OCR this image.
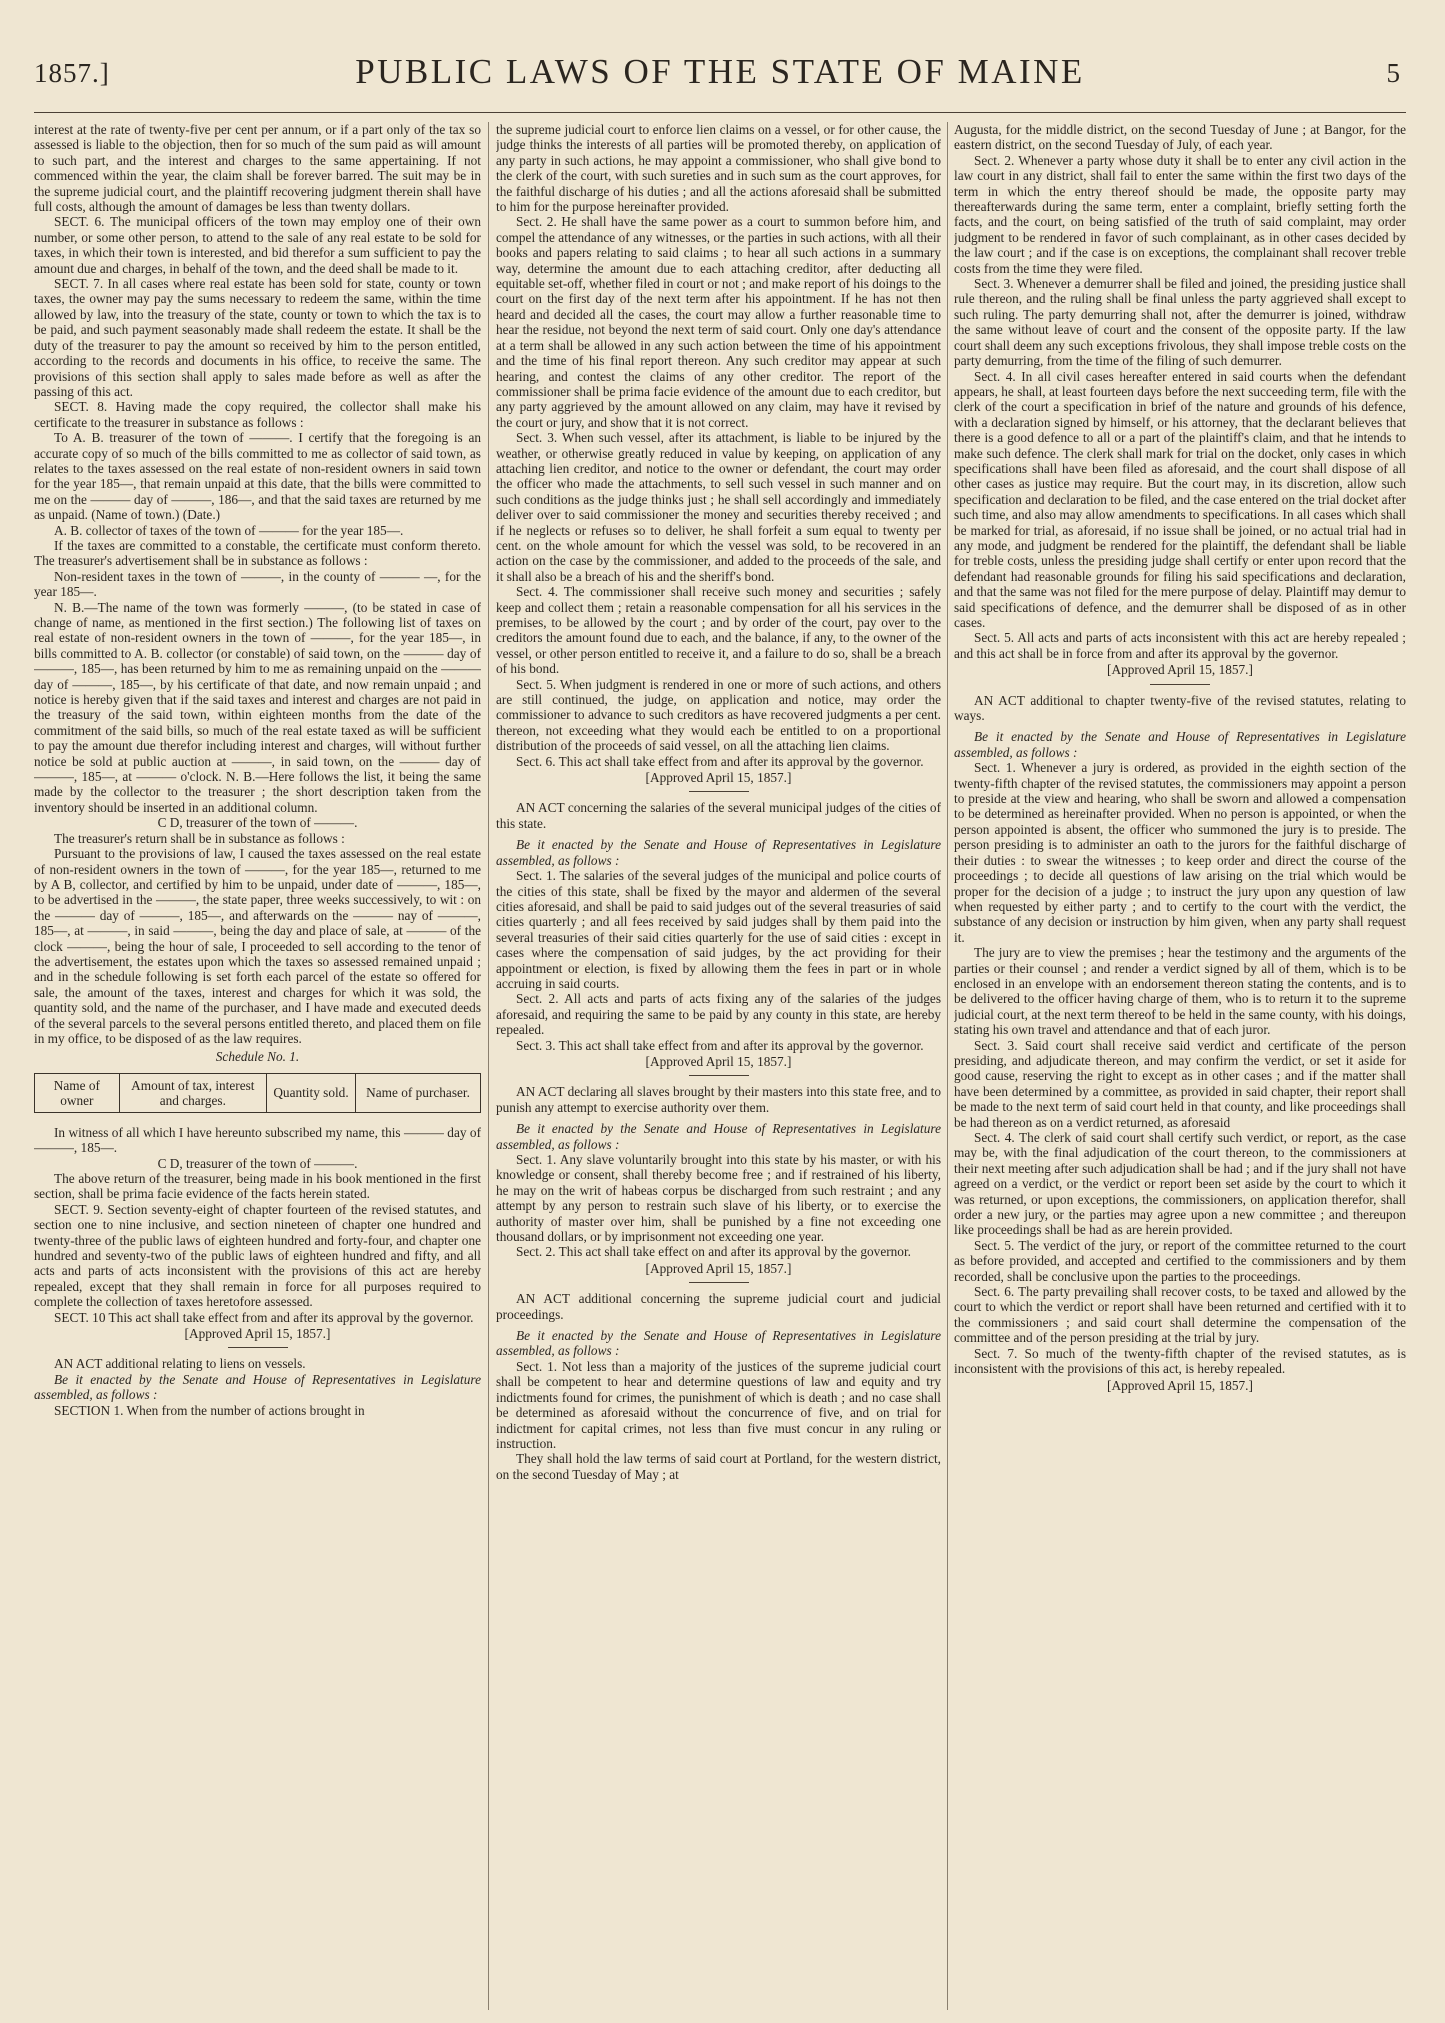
1857.]	PUBLIC LAWS OF THE STATE OF MAINE	5

interest at the rate of twenty-five per cent per annum, or if a part only of the tax so assessed is liable to the objection, then for so much of the sum paid as will amount to such part, and the interest and charges to the same appertaining. If not commenced within the year, the claim shall be forever barred. The suit may be in the supreme judicial court, and the plaintiff recovering judgment therein shall have full costs, although the amount of damages be less than twenty dollars.

SECT. 6. The municipal officers of the town may employ one of their own number, or some other person, to attend to the sale of any real estate to be sold for taxes, in which their town is interested, and bid therefor a sum sufficient to pay the amount due and charges, in behalf of the town, and the deed shall be made to it.

SECT. 7. In all cases where real estate has been sold for state, county or town taxes, the owner may pay the sums necessary to redeem the same, within the time allowed by law, into the treasury of the state, county or town to which the tax is to be paid, and such payment seasonably made shall redeem the estate. It shall be the duty of the treasurer to pay the amount so received by him to the person entitled, according to the records and documents in his office, to receive the same. The provisions of this section shall apply to sales made before as well as after the passing of this act.

SECT. 8. Having made the copy required, the collector shall make his certificate to the treasurer in substance as follows :

To A. B. treasurer of the town of ———. I certify that the foregoing is an accurate copy of so much of the bills committed to me as collector of said town, as relates to the taxes assessed on the real estate of non-resident owners in said town for the year 185—, that remain unpaid at this date, that the bills were committed to me on the ——— day of ———, 186—, and that the said taxes are returned by me as unpaid. (Name of town.) (Date.)

A. B. collector of taxes of the town of ——— for the year 185—.

If the taxes are committed to a constable, the certificate must conform thereto. The treasurer's advertisement shall be in substance as follows :

Non-resident taxes in the town of ———, in the county of ——— —, for the year 185—.

N. B.—The name of the town was formerly ———, (to be stated in case of change of name, as mentioned in the first section.) The following list of taxes on real estate of non-resident owners in the town of ———, for the year 185—, in bills committed to A. B. collector (or constable) of said town, on the ——— day of ———, 185—, has been returned by him to me as remaining unpaid on the ——— day of ———, 185—, by his certificate of that date, and now remain unpaid ; and notice is hereby given that if the said taxes and interest and charges are not paid in the treasury of the said town, within eighteen months from the date of the commitment of the said bills, so much of the real estate taxed as will be sufficient to pay the amount due therefor including interest and charges, will without further notice be sold at public auction at ———, in said town, on the ——— day of ———, 185—, at ——— o'clock. N. B.—Here follows the list, it being the same made by the collector to the treasurer ; the short description taken from the inventory should be inserted in an additional column.

C D, treasurer of the town of ———.

The treasurer's return shall be in substance as follows :

Pursuant to the provisions of law, I caused the taxes assessed on the real estate of non-resident owners in the town of ———, for the year 185—, returned to me by A B, collector, and certified by him to be unpaid, under date of ———, 185—, to be advertised in the ———, the state paper, three weeks successively, to wit : on the ——— day of ———, 185—, and afterwards on the ——— nay of ———, 185—, at ———, in said ———, being the day and place of sale, at ——— of the clock ———, being the hour of sale, I proceeded to sell according to the tenor of the advertisement, the estates upon which the taxes so assessed remained unpaid ; and in the schedule following is set forth each parcel of the estate so offered for sale, the amount of the taxes, interest and charges for which it was sold, the quantity sold, and the name of the purchaser, and I have made and executed deeds of the several parcels to the several persons entitled thereto, and placed them on file in my office, to be disposed of as the law requires.

Schedule No. 1.

Name of owner	Amount of tax, interest and charges.	Quantity sold.	Name of purchaser.

In witness of all which I have hereunto subscribed my name, this ——— day of ———, 185—.

C D, treasurer of the town of ———.

The above return of the treasurer, being made in his book mentioned in the first section, shall be prima facie evidence of the facts herein stated.

SECT. 9. Section seventy-eight of chapter fourteen of the revised statutes, and section one to nine inclusive, and section nineteen of chapter one hundred and twenty-three of the public laws of eighteen hundred and forty-four, and chapter one hundred and seventy-two of the public laws of eighteen hundred and fifty, and all acts and parts of acts inconsistent with the provisions of this act are hereby repealed, except that they shall remain in force for all purposes required to complete the collection of taxes heretofore assessed.

SECT. 10 This act shall take effect from and after its approval by the governor.

[Approved April 15, 1857.]

AN ACT additional relating to liens on vessels.

Be it enacted by the Senate and House of Representatives in Legislature assembled, as follows :

SECTION 1. When from the number of actions brought in

the supreme judicial court to enforce lien claims on a vessel, or for other cause, the judge thinks the interests of all parties will be promoted thereby, on application of any party in such actions, he may appoint a commissioner, who shall give bond to the clerk of the court, with such sureties and in such sum as the court approves, for the faithful discharge of his duties ; and all the actions aforesaid shall be submitted to him for the purpose hereinafter provided.

Sect. 2. He shall have the same power as a court to summon before him, and compel the attendance of any witnesses, or the parties in such actions, with all their books and papers relating to said claims ; to hear all such actions in a summary way, determine the amount due to each attaching creditor, after deducting all equitable set-off, whether filed in court or not ; and make report of his doings to the court on the first day of the next term after his appointment. If he has not then heard and decided all the cases, the court may allow a further reasonable time to hear the residue, not beyond the next term of said court. Only one day's attendance at a term shall be allowed in any such action between the time of his appointment and the time of his final report thereon. Any such creditor may appear at such hearing, and contest the claims of any other creditor. The report of the commissioner shall be prima facie evidence of the amount due to each creditor, but any party aggrieved by the amount allowed on any claim, may have it revised by the court or jury, and show that it is not correct.

Sect. 3. When such vessel, after its attachment, is liable to be injured by the weather, or otherwise greatly reduced in value by keeping, on application of any attaching lien creditor, and notice to the owner or defendant, the court may order the officer who made the attachments, to sell such vessel in such manner and on such conditions as the judge thinks just ; he shall sell accordingly and immediately deliver over to said commissioner the money and securities thereby received ; and if he neglects or refuses so to deliver, he shall forfeit a sum equal to twenty per cent. on the whole amount for which the vessel was sold, to be recovered in an action on the case by the commissioner, and added to the proceeds of the sale, and it shall also be a breach of his and the sheriff's bond.

Sect. 4. The commissioner shall receive such money and securities ; safely keep and collect them ; retain a reasonable compensation for all his services in the premises, to be allowed by the court ; and by order of the court, pay over to the creditors the amount found due to each, and the balance, if any, to the owner of the vessel, or other person entitled to receive it, and a failure to do so, shall be a breach of his bond.

Sect. 5. When judgment is rendered in one or more of such actions, and others are still continued, the judge, on application and notice, may order the commissioner to advance to such creditors as have recovered judgments a per cent. thereon, not exceeding what they would each be entitled to on a proportional distribution of the proceeds of said vessel, on all the attaching lien claims.

Sect. 6. This act shall take effect from and after its approval by the governor.

[Approved April 15, 1857.]

AN ACT concerning the salaries of the several municipal judges of the cities of this state.

Be it enacted by the Senate and House of Representatives in Legislature assembled, as follows :

Sect. 1. The salaries of the several judges of the municipal and police courts of the cities of this state, shall be fixed by the mayor and aldermen of the several cities aforesaid, and shall be paid to said judges out of the several treasuries of said cities quarterly ; and all fees received by said judges shall by them paid into the several treasuries of their said cities quarterly for the use of said cities : except in cases where the compensation of said judges, by the act providing for their appointment or election, is fixed by allowing them the fees in part or in whole accruing in said courts.

Sect. 2. All acts and parts of acts fixing any of the salaries of the judges aforesaid, and requiring the same to be paid by any county in this state, are hereby repealed.

Sect. 3. This act shall take effect from and after its approval by the governor.

[Approved April 15, 1857.]

AN ACT declaring all slaves brought by their masters into this state free, and to punish any attempt to exercise authority over them.

Be it enacted by the Senate and House of Representatives in Legislature assembled, as follows :

Sect. 1. Any slave voluntarily brought into this state by his master, or with his knowledge or consent, shall thereby become free ; and if restrained of his liberty, he may on the writ of habeas corpus be discharged from such restraint ; and any attempt by any person to restrain such slave of his liberty, or to exercise the authority of master over him, shall be punished by a fine not exceeding one thousand dollars, or by imprisonment not exceeding one year.

Sect. 2. This act shall take effect on and after its approval by the governor.

[Approved April 15, 1857.]

AN ACT additional concerning the supreme judicial court and judicial proceedings.

Be it enacted by the Senate and House of Representatives in Legislature assembled, as follows :

Sect. 1. Not less than a majority of the justices of the supreme judicial court shall be competent to hear and determine questions of law and equity and try indictments found for crimes, the punishment of which is death ; and no case shall be determined as aforesaid without the concurrence of five, and on trial for indictment for capital crimes, not less than five must concur in any ruling or instruction.

They shall hold the law terms of said court at Portland, for the western district, on the second Tuesday of May ; at

Augusta, for the middle district, on the second Tuesday of June ; at Bangor, for the eastern district, on the second Tuesday of July, of each year.

Sect. 2. Whenever a party whose duty it shall be to enter any civil action in the law court in any district, shall fail to enter the same within the first two days of the term in which the entry thereof should be made, the opposite party may thereafterwards during the same term, enter a complaint, briefly setting forth the facts, and the court, on being satisfied of the truth of said complaint, may order judgment to be rendered in favor of such complainant, as in other cases decided by the law court ; and if the case is on exceptions, the complainant shall recover treble costs from the time they were filed.

Sect. 3. Whenever a demurrer shall be filed and joined, the presiding justice shall rule thereon, and the ruling shall be final unless the party aggrieved shall except to such ruling. The party demurring shall not, after the demurrer is joined, withdraw the same without leave of court and the consent of the opposite party. If the law court shall deem any such exceptions frivolous, they shall impose treble costs on the party demurring, from the time of the filing of such demurrer.

Sect. 4. In all civil cases hereafter entered in said courts when the defendant appears, he shall, at least fourteen days before the next succeeding term, file with the clerk of the court a specification in brief of the nature and grounds of his defence, with a declaration signed by himself, or his attorney, that the declarant believes that there is a good defence to all or a part of the plaintiff's claim, and that he intends to make such defence. The clerk shall mark for trial on the docket, only cases in which specifications shall have been filed as aforesaid, and the court shall dispose of all other cases as justice may require. But the court may, in its discretion, allow such specification and declaration to be filed, and the case entered on the trial docket after such time, and also may allow amendments to specifications. In all cases which shall be marked for trial, as aforesaid, if no issue shall be joined, or no actual trial had in any mode, and judgment be rendered for the plaintiff, the defendant shall be liable for treble costs, unless the presiding judge shall certify or enter upon record that the defendant had reasonable grounds for filing his said specifications and declaration, and that the same was not filed for the mere purpose of delay. Plaintiff may demur to said specifications of defence, and the demurrer shall be disposed of as in other cases.

Sect. 5. All acts and parts of acts inconsistent with this act are hereby repealed ; and this act shall be in force from and after its approval by the governor.

[Approved April 15, 1857.]

AN ACT additional to chapter twenty-five of the revised statutes, relating to ways.

Be it enacted by the Senate and House of Representatives in Legislature assembled, as follows :

Sect. 1. Whenever a jury is ordered, as provided in the eighth section of the twenty-fifth chapter of the revised statutes, the commissioners may appoint a person to preside at the view and hearing, who shall be sworn and allowed a compensation to be determined as hereinafter provided. When no person is appointed, or when the person appointed is absent, the officer who summoned the jury is to preside. The person presiding is to administer an oath to the jurors for the faithful discharge of their duties : to swear the witnesses ; to keep order and direct the course of the proceedings ; to decide all questions of law arising on the trial which would be proper for the decision of a judge ; to instruct the jury upon any question of law when requested by either party ; and to certify to the court with the verdict, the substance of any decision or instruction by him given, when any party shall request it.

The jury are to view the premises ; hear the testimony and the arguments of the parties or their counsel ; and render a verdict signed by all of them, which is to be enclosed in an envelope with an endorsement thereon stating the contents, and is to be delivered to the officer having charge of them, who is to return it to the supreme judicial court, at the next term thereof to be held in the same county, with his doings, stating his own travel and attendance and that of each juror.

Sect. 3. Said court shall receive said verdict and certificate of the person presiding, and adjudicate thereon, and may confirm the verdict, or set it aside for good cause, reserving the right to except as in other cases ; and if the matter shall have been determined by a committee, as provided in said chapter, their report shall be made to the next term of said court held in that county, and like proceedings shall be had thereon as on a verdict returned, as aforesaid

Sect. 4. The clerk of said court shall certify such verdict, or report, as the case may be, with the final adjudication of the court thereon, to the commissioners at their next meeting after such adjudication shall be had ; and if the jury shall not have agreed on a verdict, or the verdict or report been set aside by the court to which it was returned, or upon exceptions, the commissioners, on application therefor, shall order a new jury, or the parties may agree upon a new committee ; and thereupon like proceedings shall be had as are herein provided.

Sect. 5. The verdict of the jury, or report of the committee returned to the court as before provided, and accepted and certified to the commissioners and by them recorded, shall be conclusive upon the parties to the proceedings.

Sect. 6. The party prevailing shall recover costs, to be taxed and allowed by the court to which the verdict or report shall have been returned and certified with it to the commissioners ; and said court shall determine the compensation of the committee and of the person presiding at the trial by jury.

Sect. 7. So much of the twenty-fifth chapter of the revised statutes, as is inconsistent with the provisions of this act, is hereby repealed.

[Approved April 15, 1857.]
